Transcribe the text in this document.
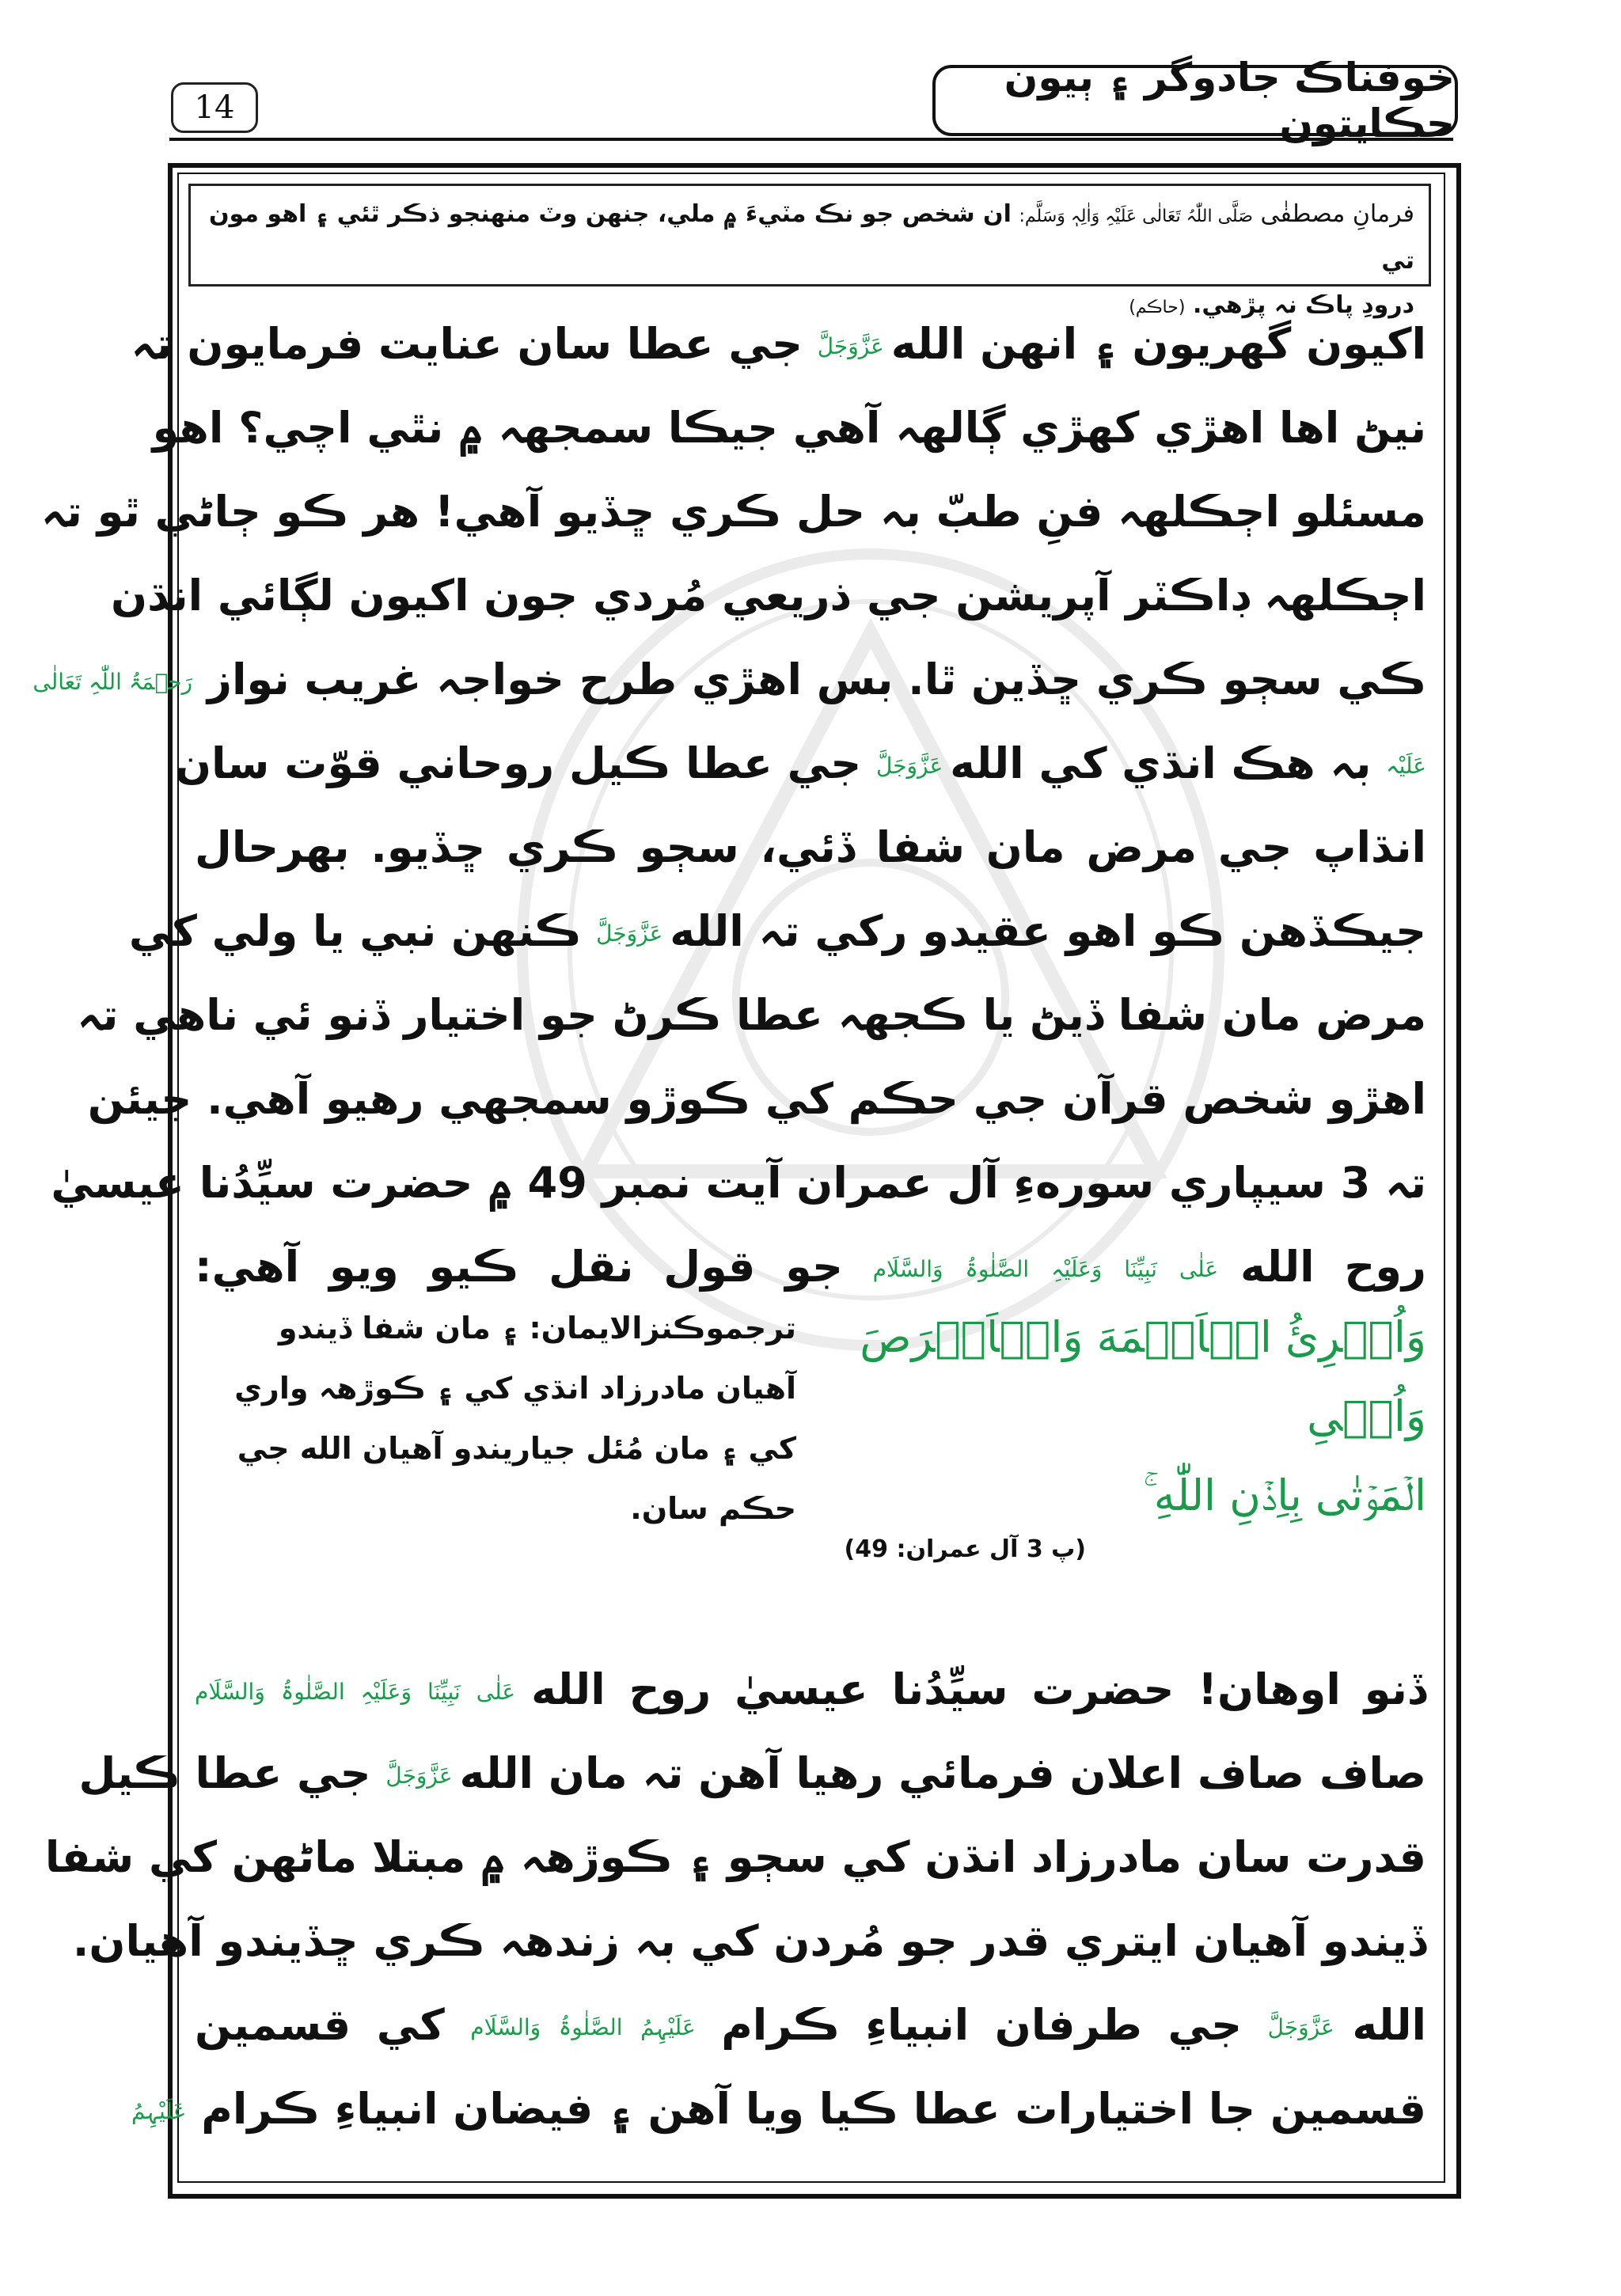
14
خوفناڪ جادوگر ۽ ٻيون حڪايتون
فرمانِ مصطفٰی صَلَّی اللّٰہُ تَعَالٰی عَلَیْہِ وَاٰلِہٖ وَسَلَّم: ان شخص جو نڪ مٽيءَ ۾ ملي، جنهن وٽ منهنجو ذڪر ٿئي ۽ اهو مون تي
درودِ پاڪ نہ پڙهي. (حاڪم)
اکيون گهريون ۽ انهن الله عَزَّوَجَلَّ جي عطا سان عنايت فرمايون تہ
نيڻ اها اهڙي کهڙي ڳالهہ آهي جيڪا سمجهہ ۾ نٿي اچي؟ اهو
مسئلو اڄڪلهہ فنِ طبّ بہ حل ڪري ڇڏيو آهي! هر ڪو ڄاڻي ٿو تہ
اڄڪلهہ ڊاڪٽر آپريشن جي ذريعي مُردي جون اکيون لڳائي انڌن
ڪي سڄو ڪري ڇڏين ٿا. بس اهڙي طرح خواجہ غريب نواز رَحۡمَۃُ اللّٰہِ تَعَالٰی
عَلَیْہ بہ هڪ انڌي کي الله عَزَّوَجَلَّ جي عطا ڪيل روحاني قوّت سان
انڌاپ جي مرض مان شفا ڏئي، سڄو ڪري ڇڏيو. بهرحال
جيڪڏهن ڪو اهو عقيدو رکي تہ الله عَزَّوَجَلَّ ڪنهن نبي يا ولي کي
مرض مان شفا ڏيڻ يا ڪجهہ عطا ڪرڻ جو اختيار ڏنو ئي ناهي تہ
اهڙو شخص قرآن جي حڪم کي ڪوڙو سمجهي رهيو آهي. جيئن
تہ 3 سيپاري سورهءِ آل عمران آيت نمبر 49 ۾ حضرت سيِّدُنا عيسيٰ
روح الله عَلٰی نَبِیِّنَا وَعَلَیْہِ الصَّلٰوۃُ وَالسَّلَام جو قول نقل ڪيو ويو آهي:
وَاُبۡرِئُ الۡاَكۡمَهَ وَالۡاَبۡرَصَ وَاُحۡیِ
الۡمَوۡتٰی بِاِذۡنِ اللّٰهِ ۚ
(پ 3 آل عمران: 49)
ترجموڪنزالايمان: ۽ مان شفا ڏيندو
آهيان مادرزاد انڌي کي ۽ ڪوڙهہ واري
کي ۽ مان مُئل جياريندو آهيان الله جي
حڪم سان.
ڏنو اوهان! حضرت سيِّدُنا عيسيٰ روح الله عَلٰی نَبِیِّنَا وَعَلَیْہِ الصَّلٰوۃُ وَالسَّلَام
صاف صاف اعلان فرمائي رهيا آهن تہ مان الله عَزَّوَجَلَّ جي عطا ڪيل
قدرت سان مادرزاد انڌن کي سڄو ۽ ڪوڙهہ ۾ مبتلا ماڻهن کي شفا
ڏيندو آهيان ايتري قدر جو مُردن کي بہ زندهہ ڪري ڇڏيندو آهيان.
الله عَزَّوَجَلَّ جي طرفان انبياءِ ڪرام عَلَیْہِمُ الصَّلٰوۃُ وَالسَّلَام کي قسمين
قسمين جا اختيارات عطا ڪيا ويا آهن ۽ فيضان انبياءِ ڪرام عَلَیْہِمُ
